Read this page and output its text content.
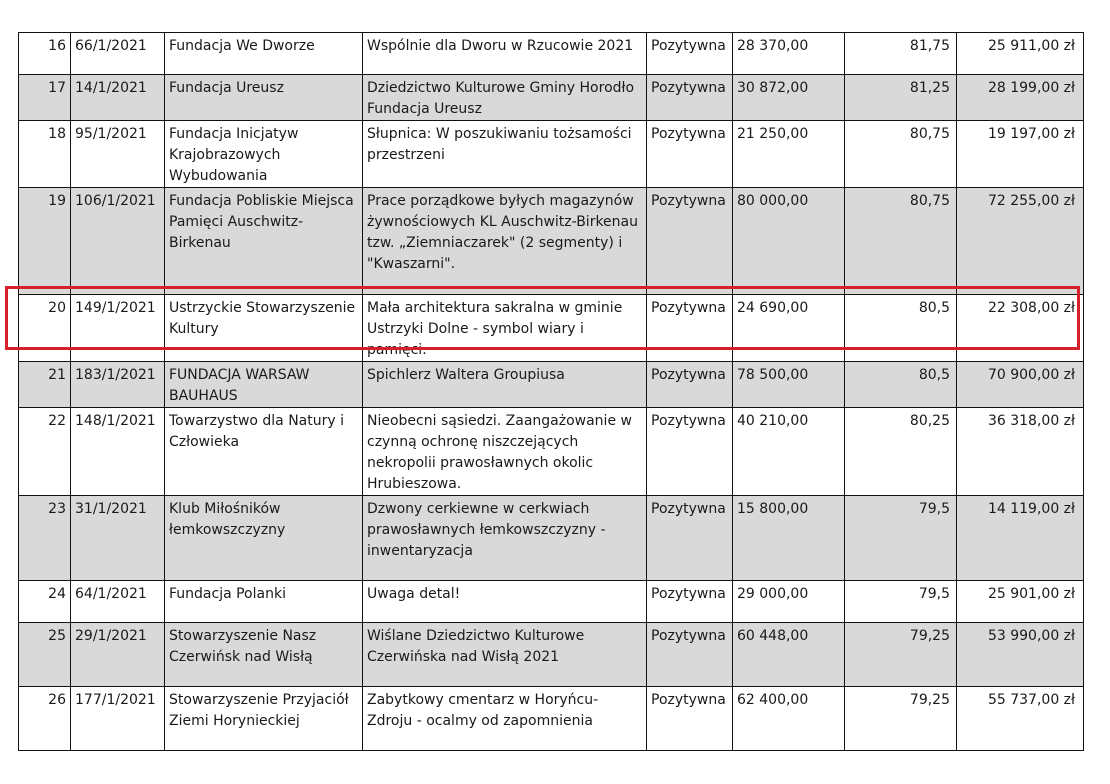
16	66/1/2021	Fundacja We Dworze	Wspólnie dla Dworu w Rzucowie 2021	Pozytywna	28 370,00	81,75	25 911,00 zł
17	14/1/2021	Fundacja Ureusz	Dziedzictwo Kulturowe Gminy Horodło Fundacja Ureusz	Pozytywna	30 872,00	81,25	28 199,00 zł
18	95/1/2021	Fundacja Inicjatyw Krajobrazowych Wybudowania	Słupnica: W poszukiwaniu tożsamości przestrzeni	Pozytywna	21 250,00	80,75	19 197,00 zł
19	106/1/2021	Fundacja Pobliskie Miejsca Pamięci Auschwitz-Birkenau	Prace porządkowe byłych magazynów żywnościowych KL Auschwitz-Birkenau tzw. „Ziemniaczarek" (2 segmenty) i "Kwaszarni".	Pozytywna	80 000,00	80,75	72 255,00 zł
20	149/1/2021	Ustrzyckie Stowarzyszenie Kultury	Mała architektura sakralna w gminie Ustrzyki Dolne - symbol wiary i pamięci.	Pozytywna	24 690,00	80,5	22 308,00 zł
21	183/1/2021	FUNDACJA WARSAW BAUHAUS	Spichlerz Waltera Groupiusa	Pozytywna	78 500,00	80,5	70 900,00 zł
22	148/1/2021	Towarzystwo dla Natury i Człowieka	Nieobecni sąsiedzi. Zaangażowanie w czynną ochronę niszczejących nekropolii prawosławnych okolic Hrubieszowa.	Pozytywna	40 210,00	80,25	36 318,00 zł
23	31/1/2021	Klub Miłośników łemkowszczyzny	Dzwony cerkiewne w cerkwiach prawosławnych łemkowszczyzny - inwentaryzacja	Pozytywna	15 800,00	79,5	14 119,00 zł
24	64/1/2021	Fundacja Polanki	Uwaga detal!	Pozytywna	29 000,00	79,5	25 901,00 zł
25	29/1/2021	Stowarzyszenie Nasz Czerwińsk nad Wisłą	Wiślane Dziedzictwo Kulturowe Czerwińska nad Wisłą 2021	Pozytywna	60 448,00	79,25	53 990,00 zł
26	177/1/2021	Stowarzyszenie Przyjaciół Ziemi Horynieckiej	Zabytkowy cmentarz w Horyńcu-Zdroju - ocalmy od zapomnienia	Pozytywna	62 400,00	79,25	55 737,00 zł
